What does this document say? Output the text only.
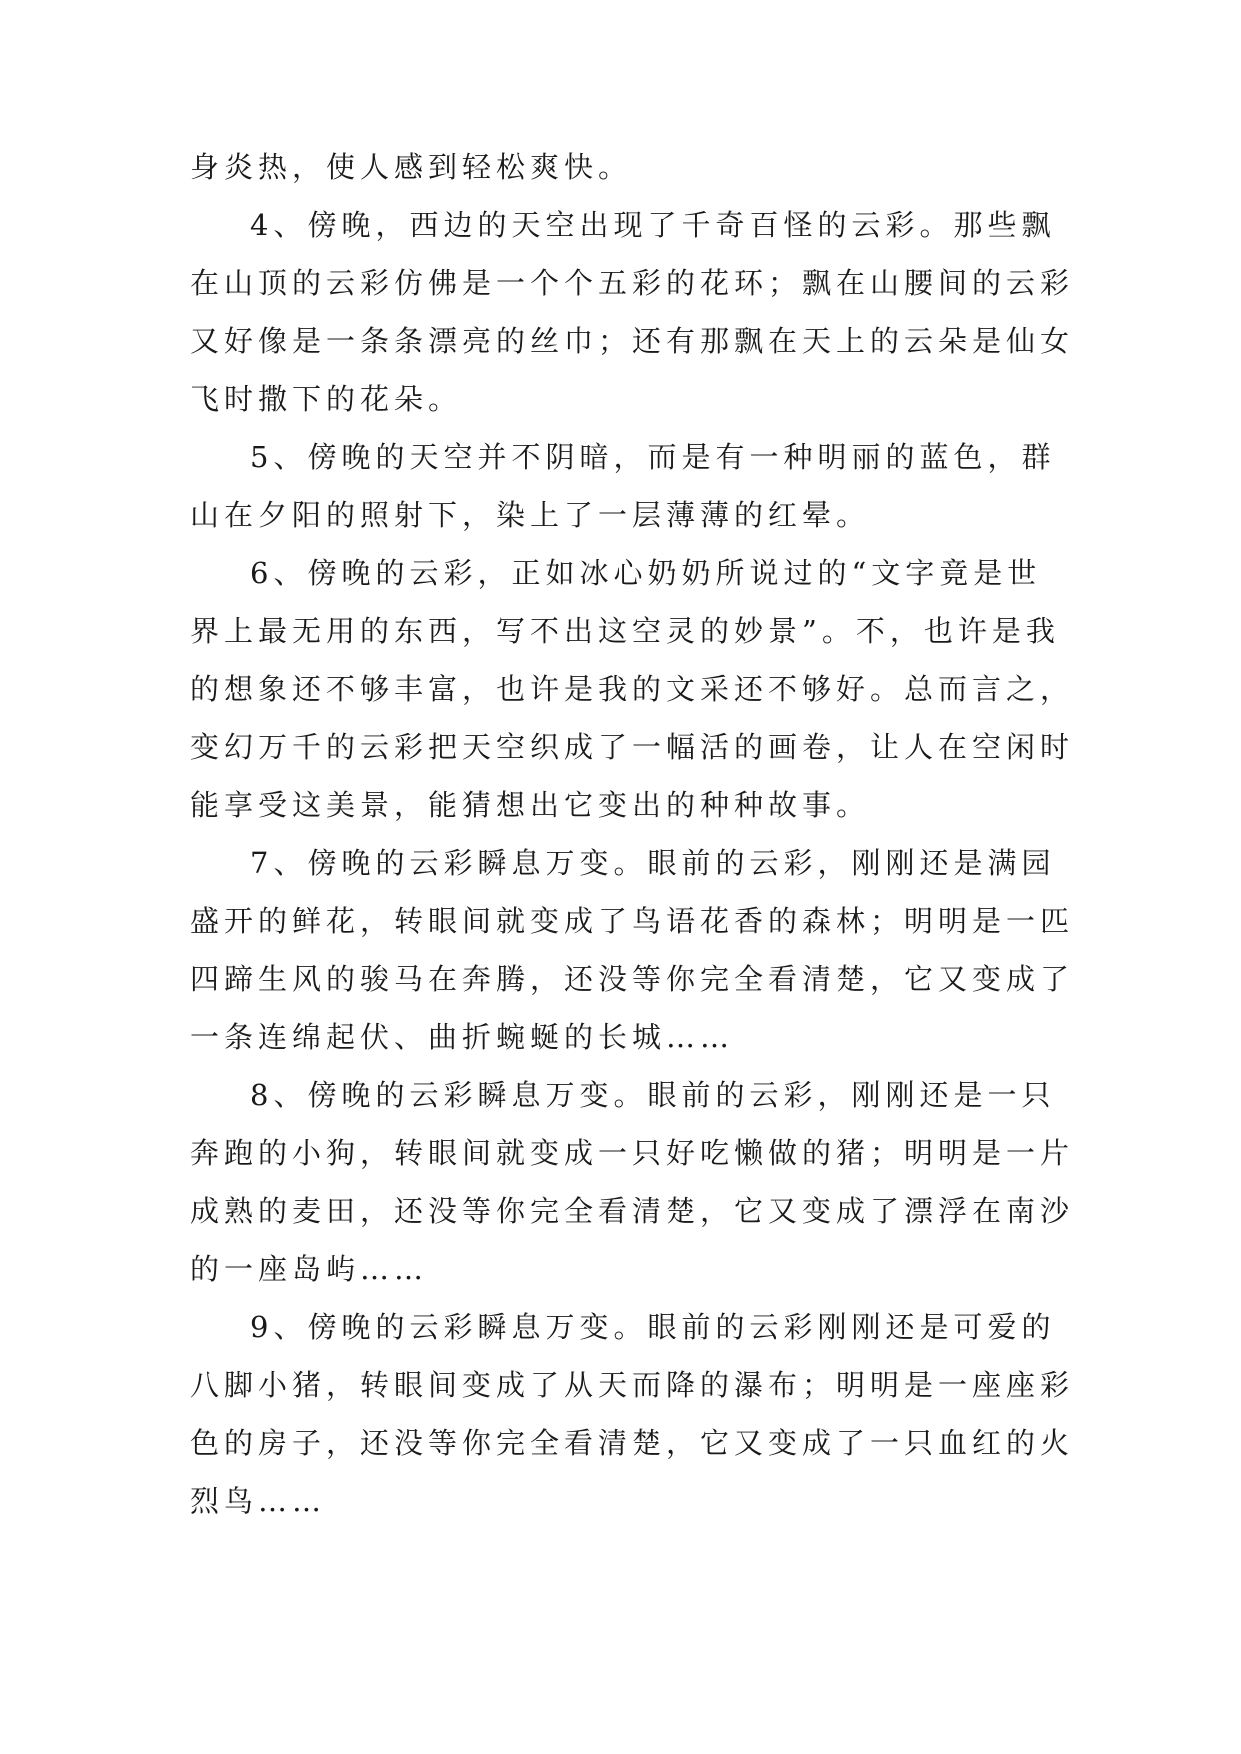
身炎热，使人感到轻松爽快。
4、傍晚，西边的天空出现了千奇百怪的云彩。那些飘
在山顶的云彩仿佛是一个个五彩的花环；飘在山腰间的云彩
又好像是一条条漂亮的丝巾；还有那飘在天上的云朵是仙女
飞时撒下的花朵。
5、傍晚的天空并不阴暗，而是有一种明丽的蓝色，群
山在夕阳的照射下，染上了一层薄薄的红晕。
6、傍晚的云彩，正如冰心奶奶所说过的“文字竟是世
界上最无用的东西，写不出这空灵的妙景”。不，也许是我
的想象还不够丰富，也许是我的文采还不够好。总而言之，
变幻万千的云彩把天空织成了一幅活的画卷，让人在空闲时
能享受这美景，能猜想出它变出的种种故事。
7、傍晚的云彩瞬息万变。眼前的云彩，刚刚还是满园
盛开的鲜花，转眼间就变成了鸟语花香的森林；明明是一匹
四蹄生风的骏马在奔腾，还没等你完全看清楚，它又变成了
一条连绵起伏、曲折蜿蜒的长城……
8、傍晚的云彩瞬息万变。眼前的云彩，刚刚还是一只
奔跑的小狗，转眼间就变成一只好吃懒做的猪；明明是一片
成熟的麦田，还没等你完全看清楚，它又变成了漂浮在南沙
的一座岛屿……
9、傍晚的云彩瞬息万变。眼前的云彩刚刚还是可爱的
八脚小猪，转眼间变成了从天而降的瀑布；明明是一座座彩
色的房子，还没等你完全看清楚，它又变成了一只血红的火
烈鸟……
